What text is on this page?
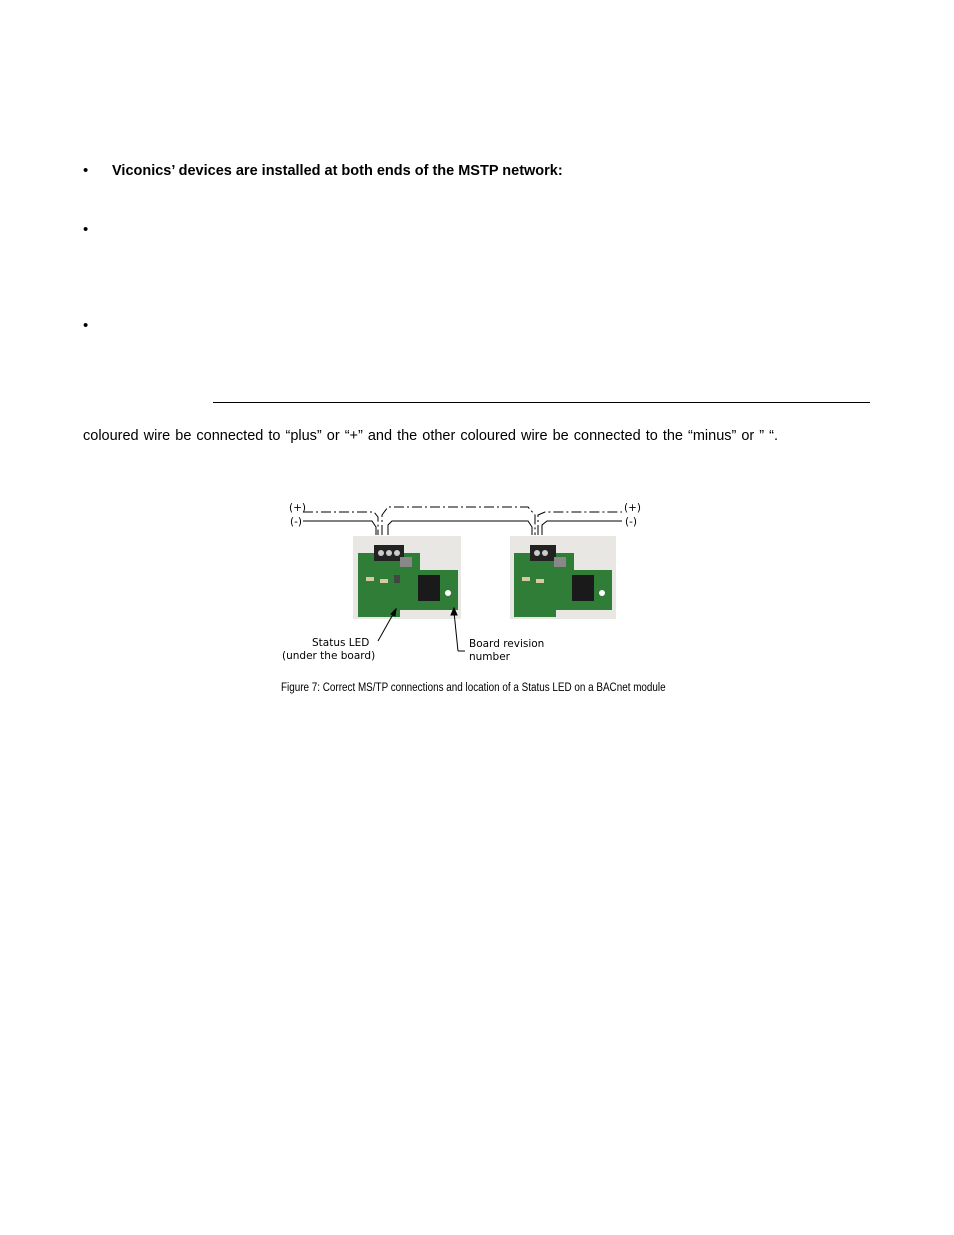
• Viconics’ devices are installed at both ends of the MSTP network:
•
•
coloured wire be connected to “plus” or “+” and the other coloured wire be connected to the “minus” or ” “.
(+)
(-)
(+)
(-)
Status LED
(under the board)
Board revision
number
Figure 7: Correct MS/TP connections and location of a Status LED on a BACnet module
